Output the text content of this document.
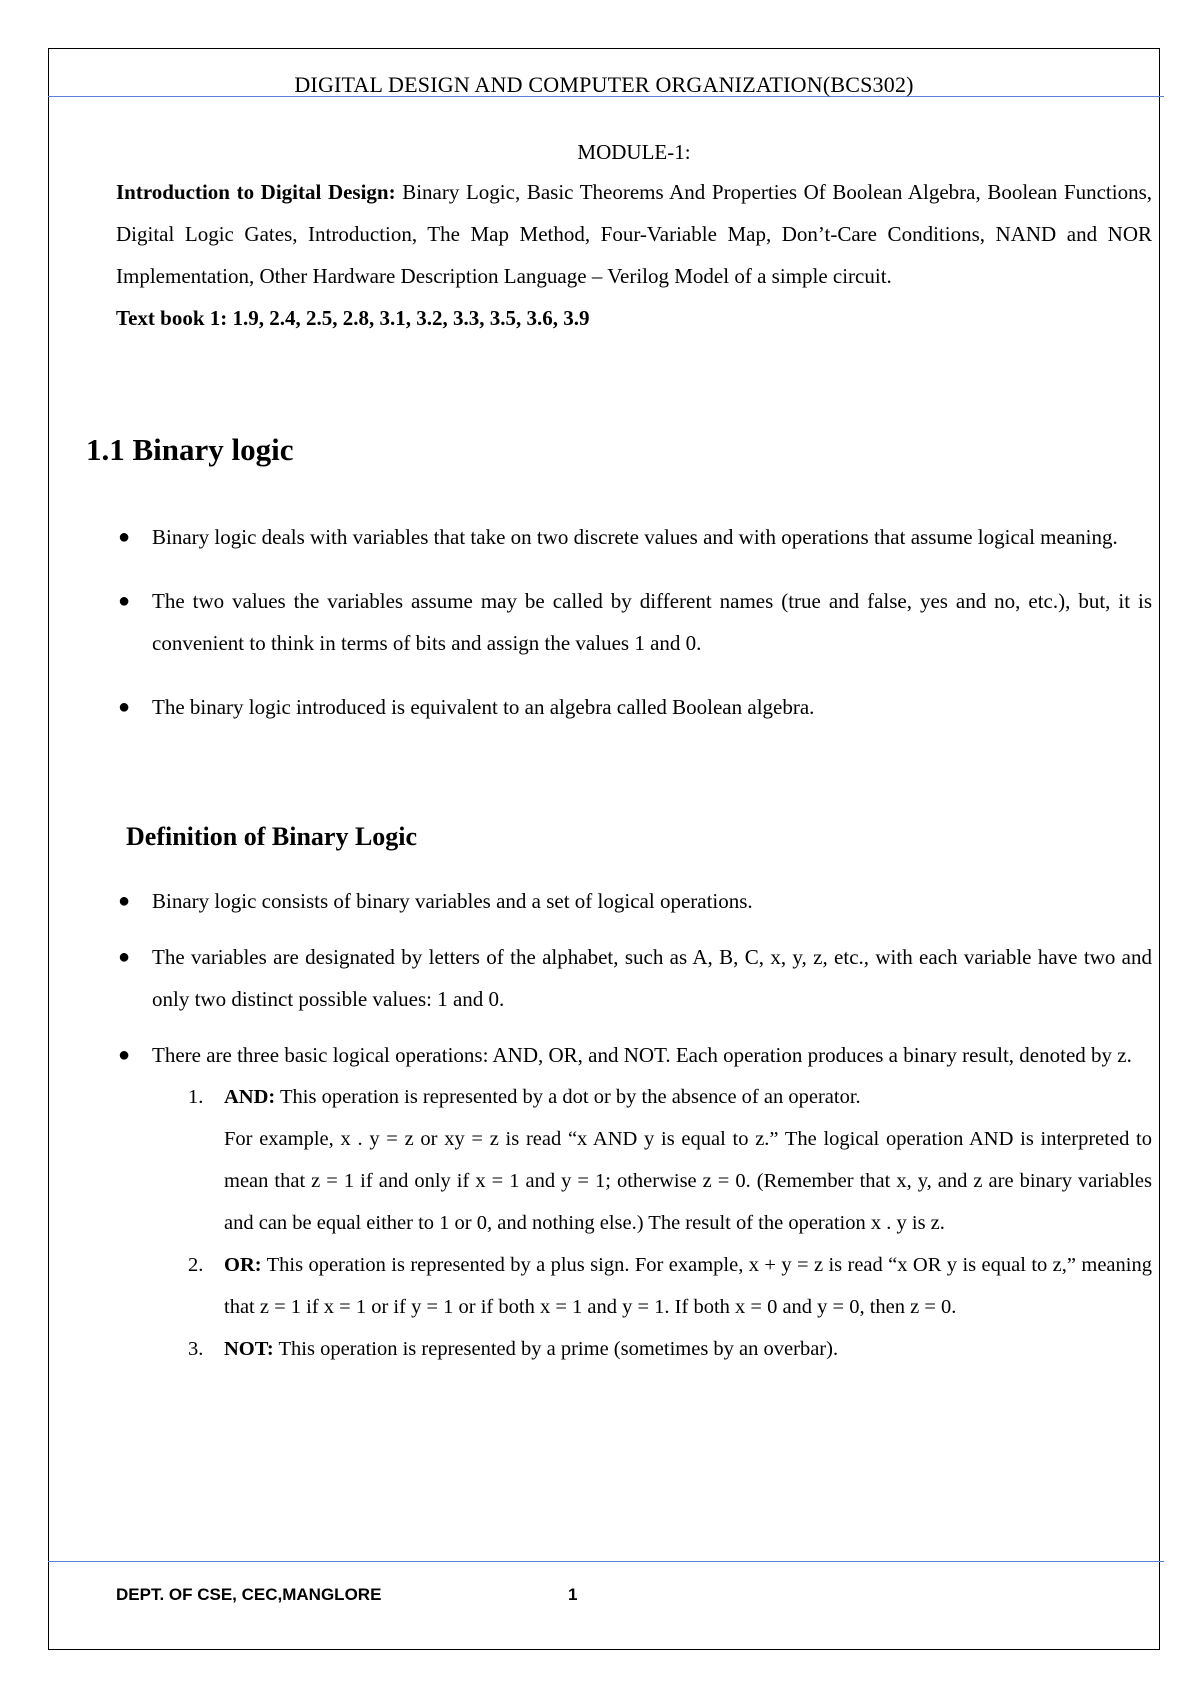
DIGITAL DESIGN AND COMPUTER ORGANIZATION(BCS302)
MODULE-1:
Introduction to Digital Design: Binary Logic, Basic Theorems And Properties Of Boolean Algebra, Boolean Functions, Digital Logic Gates, Introduction, The Map Method, Four-Variable Map, Don’t-Care Conditions, NAND and NOR Implementation, Other Hardware Description Language – Verilog Model of a simple circuit.
Text book 1: 1.9, 2.4, 2.5, 2.8, 3.1, 3.2, 3.3, 3.5, 3.6, 3.9
1.1 Binary logic
● Binary logic deals with variables that take on two discrete values and with operations that assume logical meaning.
● The two values the variables assume may be called by different names (true and false, yes and no, etc.), but, it is convenient to think in terms of bits and assign the values 1 and 0.
● The binary logic introduced is equivalent to an algebra called Boolean algebra.
Definition of Binary Logic
● Binary logic consists of binary variables and a set of logical operations.
● The variables are designated by letters of the alphabet, such as A, B, C, x, y, z, etc., with each variable have two and only two distinct possible values: 1 and 0.
● There are three basic logical operations: AND, OR, and NOT. Each operation produces a binary result, denoted by z.
1. AND: This operation is represented by a dot or by the absence of an operator.
For example, x . y = z or xy = z is read “x AND y is equal to z.” The logical operation AND is interpreted to mean that z = 1 if and only if x = 1 and y = 1; otherwise z = 0. (Remember that x, y, and z are binary variables and can be equal either to 1 or 0, and nothing else.) The result of the operation x . y is z.
2. OR: This operation is represented by a plus sign. For example, x + y = z is read “x OR y is equal to z,” meaning that z = 1 if x = 1 or if y = 1 or if both x = 1 and y = 1. If both x = 0 and y = 0, then z = 0.
3. NOT: This operation is represented by a prime (sometimes by an overbar).
DEPT. OF CSE, CEC,MANGLORE	1
